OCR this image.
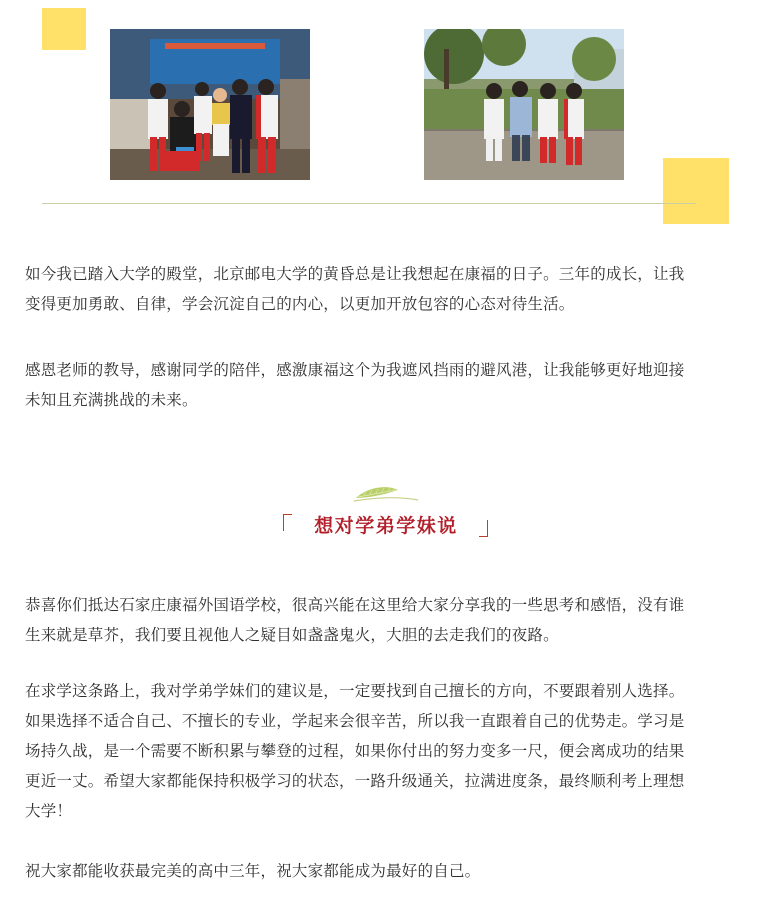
如今我已踏入大学的殿堂，北京邮电大学的黄昏总是让我想起在康福的日子。三年的成长，让我
变得更加勇敢、自律，学会沉淀自己的内心，以更加开放包容的心态对待生活。

感恩老师的教导，感谢同学的陪伴，感激康福这个为我遮风挡雨的避风港，让我能够更好地迎接
未知且充满挑战的未来。

想对学弟学妹说

恭喜你们抵达石家庄康福外国语学校，很高兴能在这里给大家分享我的一些思考和感悟，没有谁
生来就是草芥，我们要且视他人之疑目如盏盏鬼火，大胆的去走我们的夜路。

在求学这条路上，我对学弟学妹们的建议是，一定要找到自己擅长的方向，不要跟着别人选择。
如果选择不适合自己、不擅长的专业，学起来会很辛苦，所以我一直跟着自己的优势走。学习是
场持久战，是一个需要不断积累与攀登的过程，如果你付出的努力变多一尺，便会离成功的结果
更近一丈。希望大家都能保持积极学习的状态，一路升级通关，拉满进度条，最终顺利考上理想
大学！

祝大家都能收获最完美的高中三年，祝大家都能成为最好的自己。
